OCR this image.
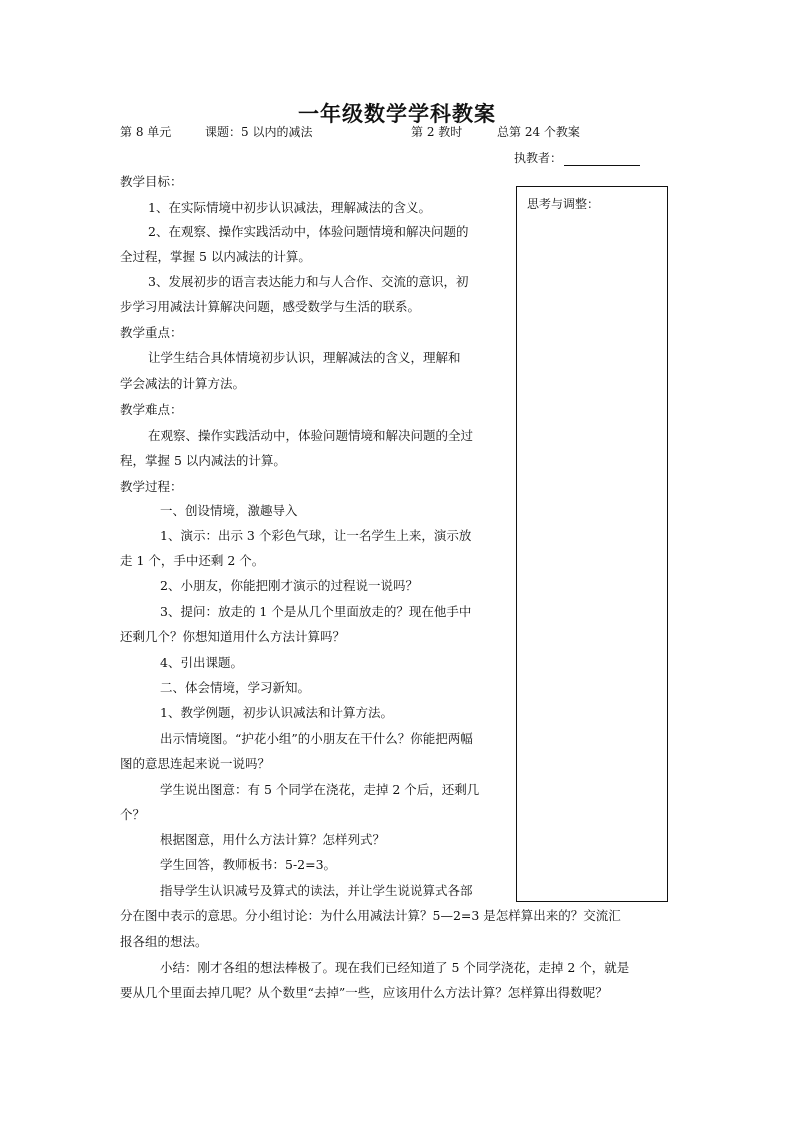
一年级数学学科教案
第 8 单元	课题：5 以内的减法	第 2 教时	总第 24 个教案
执教者：
思考与调整：
教学目标：
1、在实际情境中初步认识减法，理解减法的含义。
2、在观察、操作实践活动中，体验问题情境和解决问题的
全过程，掌握 5 以内减法的计算。
3、发展初步的语言表达能力和与人合作、交流的意识，初
步学习用减法计算解决问题，感受数学与生活的联系。
教学重点：
让学生结合具体情境初步认识，理解减法的含义，理解和
学会减法的计算方法。
教学难点：
在观察、操作实践活动中，体验问题情境和解决问题的全过
程，掌握 5 以内减法的计算。
教学过程：
一、创设情境，激趣导入
1、演示：出示 3 个彩色气球，让一名学生上来，演示放
走 1 个，手中还剩 2 个。
2、小朋友，你能把刚才演示的过程说一说吗？
3、提问：放走的 1 个是从几个里面放走的？现在他手中
还剩几个？你想知道用什么方法计算吗？
4、引出课题。
二、体会情境，学习新知。
1、教学例题，初步认识减法和计算方法。
出示情境图。“护花小组”的小朋友在干什么？你能把两幅
图的意思连起来说一说吗？
学生说出图意：有 5 个同学在浇花，走掉 2 个后，还剩几
个？
根据图意，用什么方法计算？怎样列式？
学生回答，教师板书：5-2=3。
指导学生认识减号及算式的读法，并让学生说说算式各部
分在图中表示的意思。分小组讨论：为什么用减法计算？5—2=3 是怎样算出来的？交流汇
报各组的想法。
小结：刚才各组的想法棒极了。现在我们已经知道了 5 个同学浇花，走掉 2 个，就是
要从几个里面去掉几呢？从个数里“去掉”一些，应该用什么方法计算？怎样算出得数呢？
